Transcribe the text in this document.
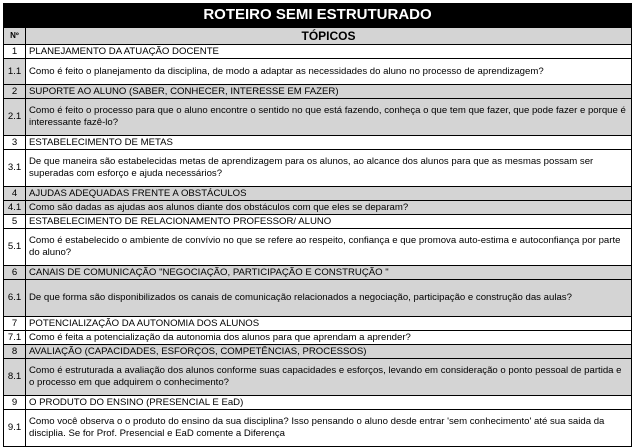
ROTEIRO SEMI ESTRUTURADO	
Nº	TÓPICOS
1	PLANEJAMENTO DA ATUAÇÃO DOCENTE
1.1	Como é feito o planejamento da disciplina, de modo a adaptar as necessidades do aluno no processo de aprendizagem?
2	SUPORTE AO ALUNO (SABER, CONHECER, INTERESSE EM FAZER)
2.1	Como é feito o processo para que o aluno encontre o sentido no que está fazendo, conheça o que tem que fazer, que pode fazer e porque é interessante fazê-lo?
3	ESTABELECIMENTO DE METAS
3.1	De que maneira são estabelecidas metas de aprendizagem para os alunos, ao alcance dos alunos para que as mesmas possam ser superadas com esforço e ajuda necessários?
4	AJUDAS ADEQUADAS FRENTE A OBSTÁCULOS
4.1	Como são dadas as ajudas aos alunos diante dos obstáculos com que eles se deparam?
5	ESTABELECIMENTO DE RELACIONAMENTO PROFESSOR/ ALUNO
5.1	Como é estabelecido o ambiente de convívio no que se refere ao respeito, confiança e que promova auto-estima e autoconfiança por parte do aluno?
6	CANAIS DE COMUNICAÇÃO "NEGOCIAÇÃO, PARTICIPAÇÃO E CONSTRUÇÃO "
6.1	De que forma são disponibilizados os canais de comunicação relacionados a negociação, participação e construção das aulas?
7	POTENCIALIZAÇÃO DA AUTONOMIA DOS ALUNOS
7.1	Como é feita a potencialização da autonomia dos alunos para que aprendam a aprender?
8	AVALIAÇÃO (CAPACIDADES, ESFORÇOS, COMPETÊNCIAS, PROCESSOS)
8.1	Como é estruturada a avaliação dos alunos conforme suas capacidades e esforços, levando em consideração o ponto pessoal de partida e o processo em que adquirem o conhecimento?
9	O PRODUTO DO ENSINO (PRESENCIAL E EaD)
9.1	Como você observa o o produto do ensino da sua disciplina? Isso pensando o aluno desde entrar 'sem conhecimento' até sua saida da disciplia. Se for Prof. Presencial e EaD comente a Diferença
